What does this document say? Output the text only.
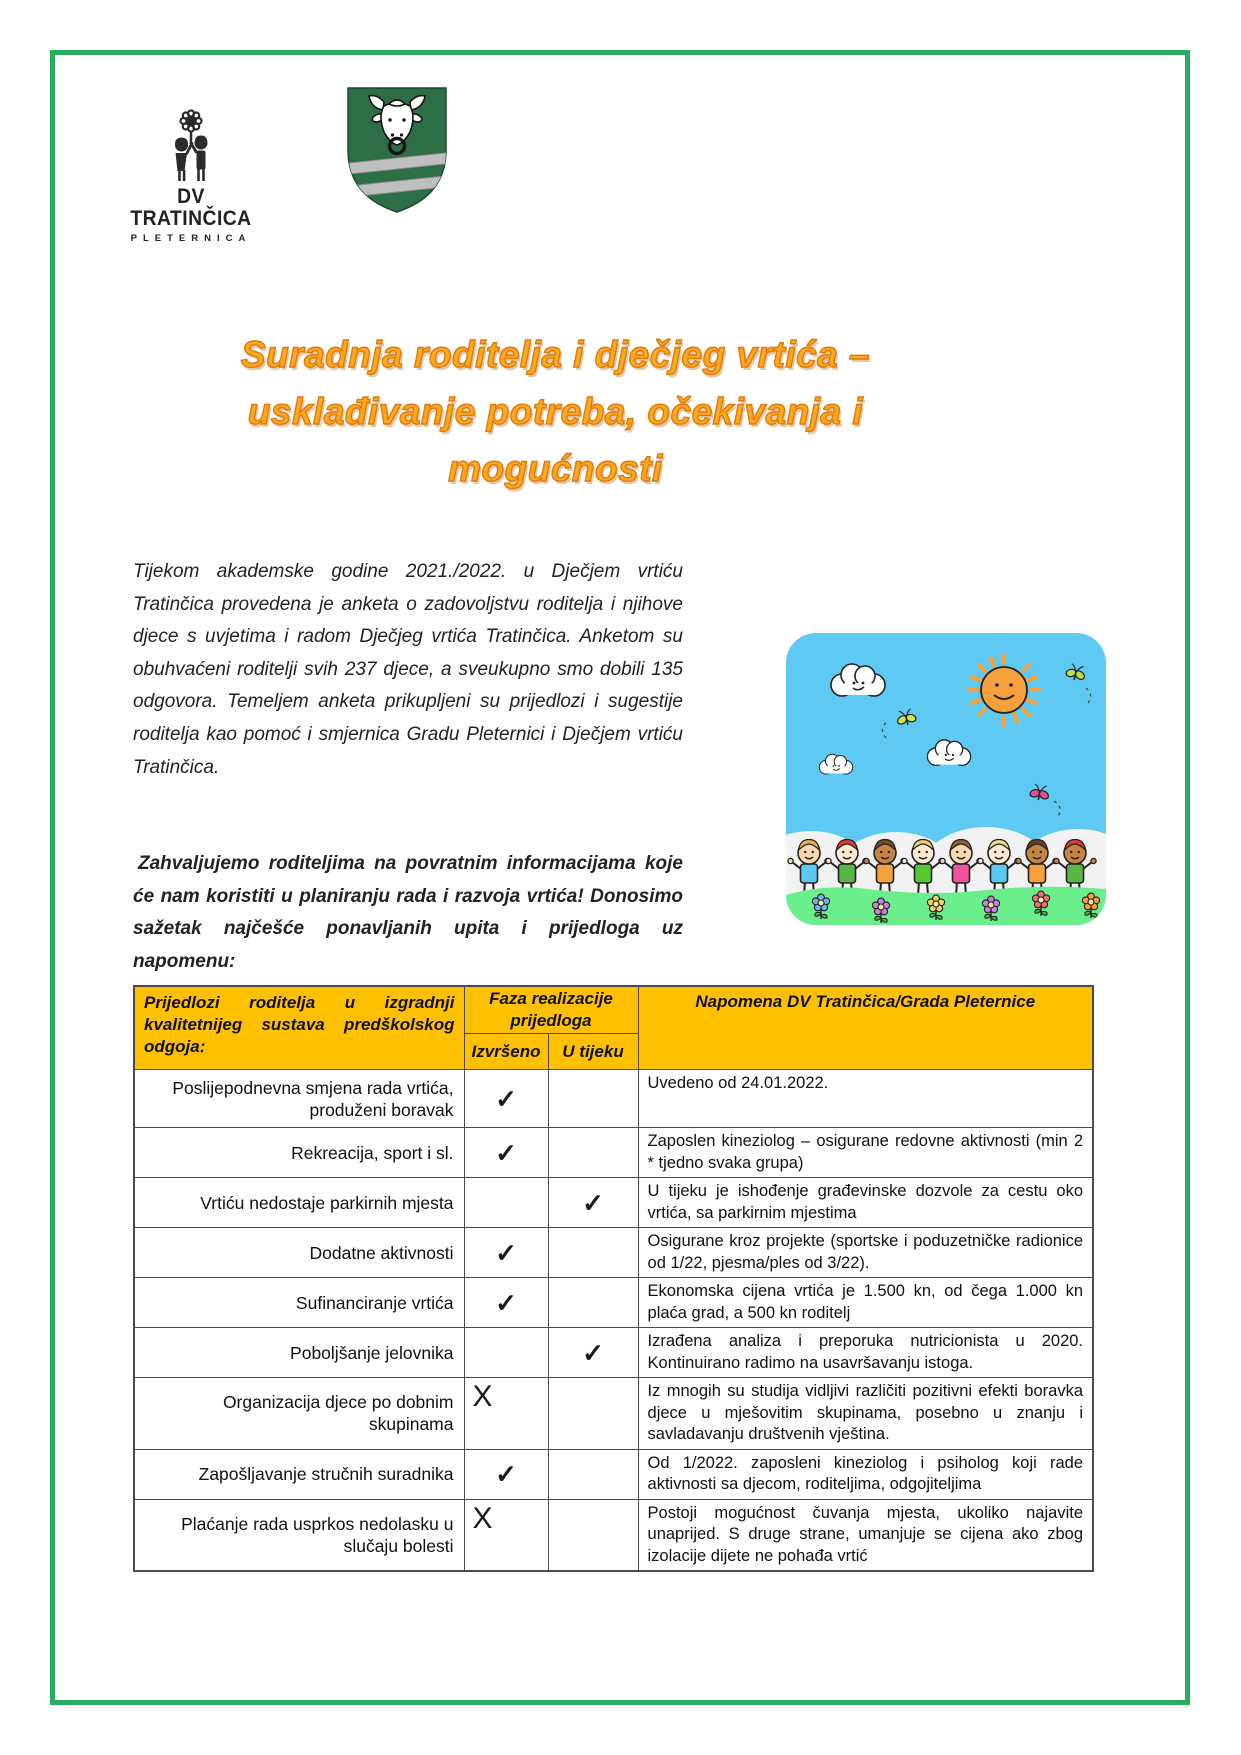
DV TRATINČICA
PLETERNICA
Suradnja roditelja i dječjeg vrtića –
usklađivanje potreba, očekivanja i
mogućnosti
Tijekom akademske godine 2021./2022. u Dječjem vrtiću Tratinčica provedena je anketa o zadovoljstvu roditelja i njihove djece s uvjetima i radom Dječjeg vrtića Tratinčica. Anketom su obuhvaćeni roditelji svih 237 djece, a sveukupno smo dobili 135 odgovora. Temeljem anketa prikupljeni su prijedlozi i sugestije roditelja kao pomoć i smjernica Gradu Pleternici i Dječjem vrtiću Tratinčica.
Zahvaljujemo roditeljima na povratnim informacijama koje će nam koristiti u planiranju rada i razvoja vrtića! Donosimo sažetak najčešće ponavljanih upita i prijedloga uz napomenu:
Prijedlozi roditelja u izgradnji kvalitetnijeg sustava predškolskog odgoja:	Faza realizacije prijedloga		Napomena DV Tratinčica/Grada Pleternice
	Izvršeno	U tijeku	
Poslijepodnevna smjena rada vrtića, produženi boravak	✓		Uvedeno od 24.01.2022.
Rekreacija, sport i sl.	✓		Zaposlen kineziolog – osigurane redovne aktivnosti (min 2 * tjedno svaka grupa)
Vrtiću nedostaje parkirnih mjesta		✓	U tijeku je ishođenje građevinske dozvole za cestu oko vrtića, sa parkirnim mjestima
Dodatne aktivnosti	✓		Osigurane kroz projekte (sportske i poduzetničke radionice od 1/22, pjesma/ples od 3/22).
Sufinanciranje vrtića	✓		Ekonomska cijena vrtića je 1.500 kn, od čega 1.000 kn plaća grad, a 500 kn roditelj
Poboljšanje jelovnika		✓	Izrađena analiza i preporuka nutricionista u 2020. Kontinuirano radimo na usavršavanju istoga.
Organizacija djece po dobnim skupinama	X		Iz mnogih su studija vidljivi različiti pozitivni efekti boravka djece u mješovitim skupinama, posebno u znanju i savladavanju društvenih vještina.
Zapošljavanje stručnih suradnika	✓		Od 1/2022. zaposleni kineziolog i psiholog koji rade aktivnosti sa djecom, roditeljima, odgojiteljima
Plaćanje rada usprkos nedolasku u slučaju bolesti	X		Postoji mogućnost čuvanja mjesta, ukoliko najavite unaprijed. S druge strane, umanjuje se cijena ako zbog izolacije dijete ne pohađa vrtić
